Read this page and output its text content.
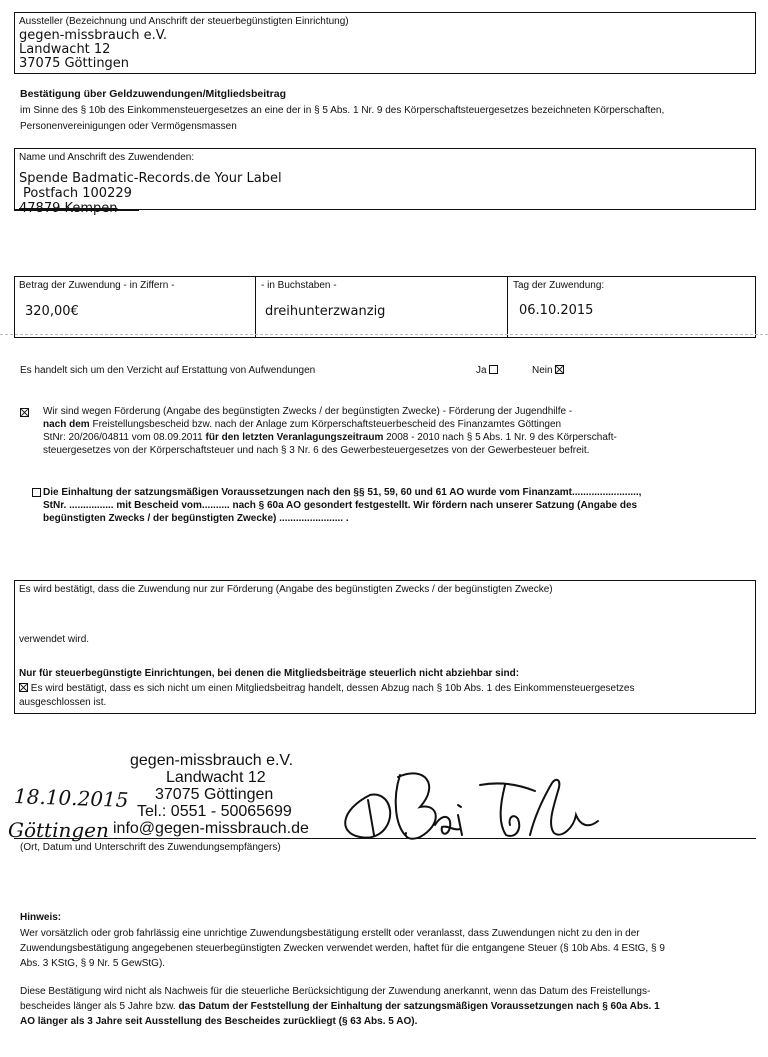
Aussteller (Bezeichnung und Anschrift der steuerbegünstigten Einrichtung)
gegen-missbrauch e.V.
Landwacht 12
37075 Göttingen
Bestätigung über Geldzuwendungen/Mitgliedsbeitrag
im Sinne des § 10b des Einkommensteuergesetzes an eine der in § 5 Abs. 1 Nr. 9 des Körperschaftsteuergesetzes bezeichneten Körperschaften,
Personenvereinigungen oder Vermögensmassen
Name und Anschrift des Zuwendenden:
Spende Badmatic-Records.de Your Label
Postfach 100229
47879 Kempen
Betrag der Zuwendung - in Ziffern -
320,00€
- in Buchstaben -
dreihunterzwanzig
Tag der Zuwendung:
06.10.2015
Es handelt sich um den Verzicht auf Erstattung von Aufwendungen	Ja	Nein

Wir sind wegen Förderung (Angabe des begünstigten Zwecks / der begünstigten Zwecke) - Förderung der Jugendhilfe -
nach dem Freistellungsbescheid bzw. nach der Anlage zum Körperschaftsteuerbescheid des Finanzamtes Göttingen
StNr: 20/206/04811 vom 08.09.2011 für den letzten Veranlagungszeitraum 2008 - 2010 nach § 5 Abs. 1 Nr. 9 des Körperschaft-
steuergesetzes von der Körperschaftsteuer und nach § 3 Nr. 6 des Gewerbesteuergesetzes von der Gewerbesteuer befreit.
Die Einhaltung der satzungsmäßigen Voraussetzungen nach den §§ 51, 59, 60 und 61 AO wurde vom Finanzamt........................,
StNr. ................ mit Bescheid vom.......... nach § 60a AO gesondert festgestellt. Wir fördern nach unserer Satzung (Angabe des
begünstigten Zwecks / der begünstigten Zwecke) ....................... .
Es wird bestätigt, dass die Zuwendung nur zur Förderung (Angabe des begünstigten Zwecks / der begünstigten Zwecke)
verwendet wird.
Nur für steuerbegünstigte Einrichtungen, bei denen die Mitgliedsbeiträge steuerlich nicht abziehbar sind:
Es wird bestätigt, dass es sich nicht um einen Mitgliedsbeitrag handelt, dessen Abzug nach § 10b Abs. 1 des Einkommensteuergesetzes
ausgeschlossen ist.
gegen-missbrauch e.V.
Landwacht 12
37075 Göttingen
Tel.: 0551 - 50065699
info@gegen-missbrauch.de
18.10.2015
Göttingen
(Ort, Datum und Unterschrift des Zuwendungsempfängers)
Hinweis:
Wer vorsätzlich oder grob fahrlässig eine unrichtige Zuwendungsbestätigung erstellt oder veranlasst, dass Zuwendungen nicht zu den in der
Zuwendungsbestätigung angegebenen steuerbegünstigten Zwecken verwendet werden, haftet für die entgangene Steuer (§ 10b Abs. 4 EStG, § 9
Abs. 3 KStG, § 9 Nr. 5 GewStG).
Diese Bestätigung wird nicht als Nachweis für die steuerliche Berücksichtigung der Zuwendung anerkannt, wenn das Datum des Freistellungs-
bescheides länger als 5 Jahre bzw. das Datum der Feststellung der Einhaltung der satzungsmäßigen Voraussetzungen nach § 60a Abs. 1
AO länger als 3 Jahre seit Ausstellung des Bescheides zurückliegt (§ 63 Abs. 5 AO).
